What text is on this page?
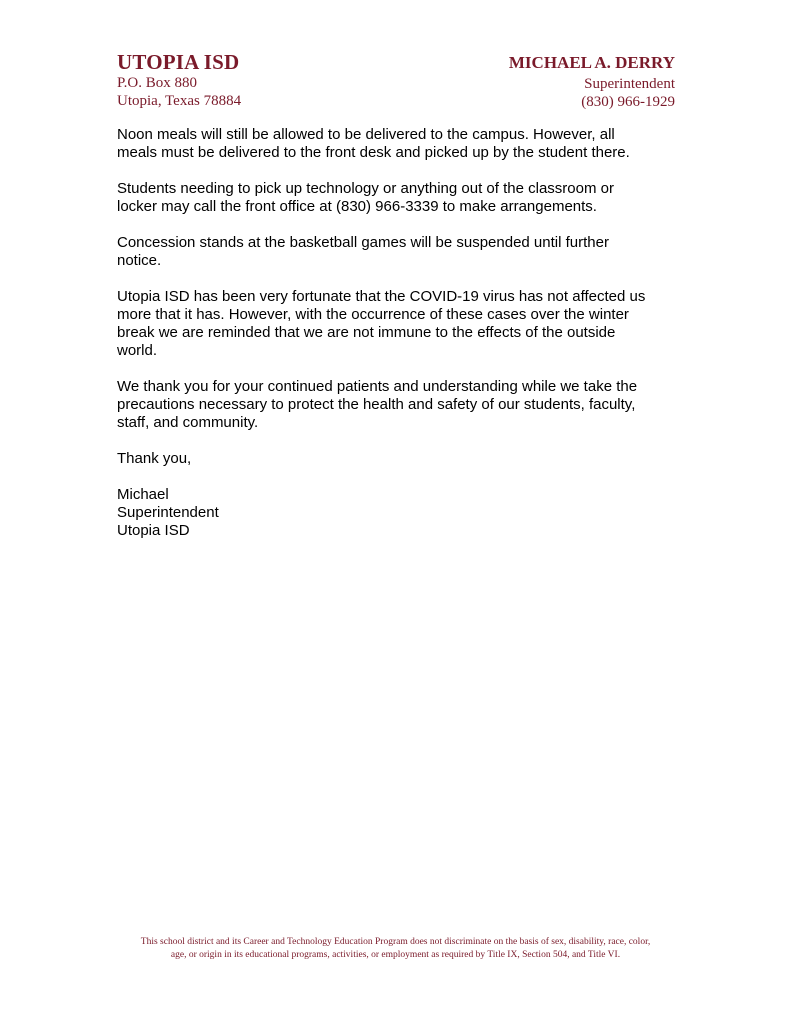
UTOPIA ISD
P.O. Box 880
Utopia, Texas 78884
MICHAEL A. DERRY
Superintendent
(830) 966-1929

Noon meals will still be allowed to be delivered to the campus. However, all
meals must be delivered to the front desk and picked up by the student there.

Students needing to pick up technology or anything out of the classroom or
locker may call the front office at (830) 966-3339 to make arrangements.

Concession stands at the basketball games will be suspended until further
notice.

Utopia ISD has been very fortunate that the COVID-19 virus has not affected us
more that it has. However, with the occurrence of these cases over the winter
break we are reminded that we are not immune to the effects of the outside
world.

We thank you for your continued patients and understanding while we take the
precautions necessary to protect the health and safety of our students, faculty,
staff, and community.

Thank you,

Michael
Superintendent
Utopia ISD
This school district and its Career and Technology Education Program does not discriminate on the basis of sex, disability, race, color,
age, or origin in its educational programs, activities, or employment as required by Title IX, Section 504, and Title VI.
